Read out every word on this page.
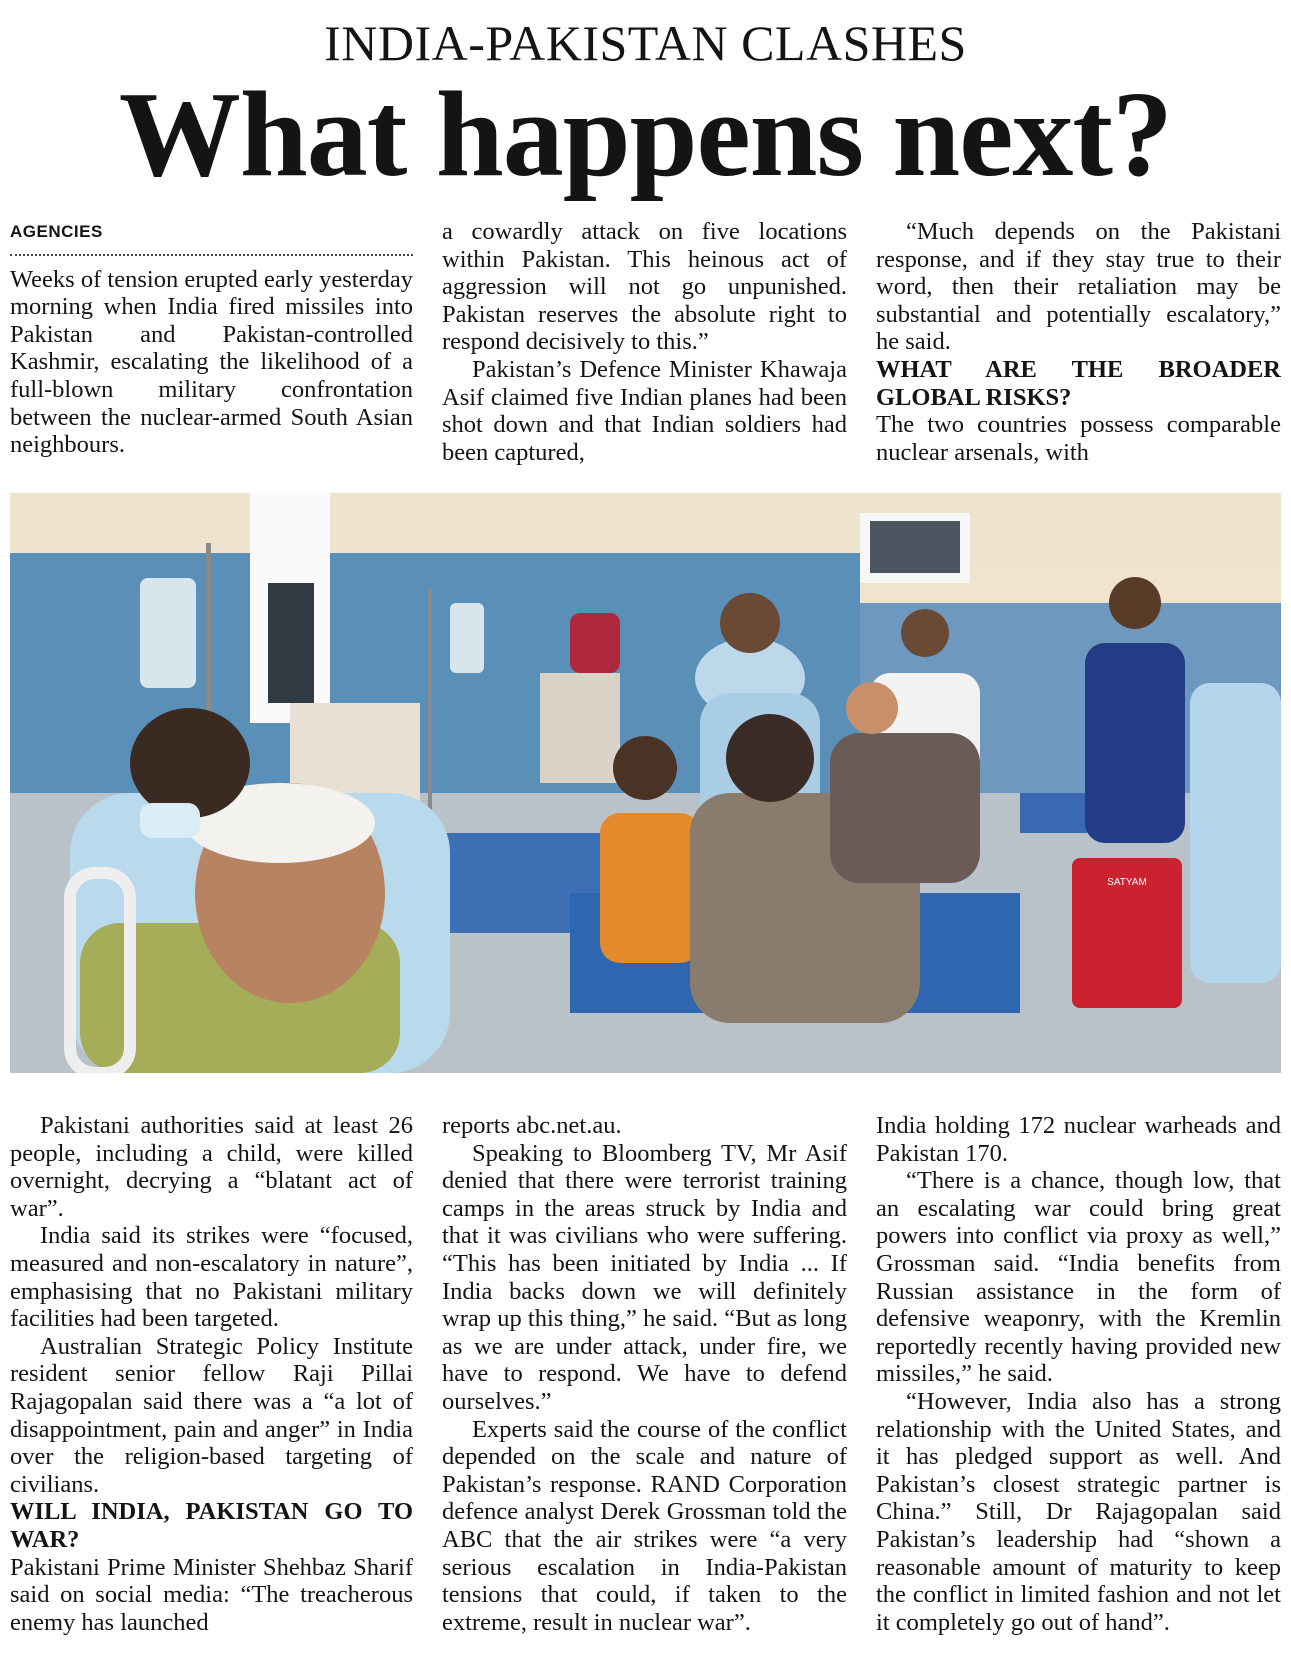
INDIA-PAKISTAN CLASHES
What happens next?
AGENCIES

Weeks of tension erupted early yesterday morning when India fired missiles into Pakistan and Pakistan-controlled Kashmir, escalating the likelihood of a full-blown military confrontation between the nuclear-armed South Asian neighbours.

a cowardly attack on five locations within Pakistan. This heinous act of aggression will not go unpunished. Pakistan reserves the absolute right to respond decisively to this.”

Pakistan’s Defence Minister Khawaja Asif claimed five Indian planes had been shot down and that Indian soldiers had been captured,

“Much depends on the Pakistani response, and if they stay true to their word, then their retaliation may be substantial and potentially escalatory,” he said.

WHAT ARE THE BROADER GLOBAL RISKS?

The two countries possess comparable nuclear arsenals, with

SATYAM

Pakistani authorities said at least 26 people, including a child, were killed overnight, decrying a “blatant act of war”.

India said its strikes were “focused, measured and non-escalatory in nature”, emphasising that no Pakistani military facilities had been targeted.

Australian Strategic Policy Institute resident senior fellow Raji Pillai Rajagopalan said there was a “a lot of disappointment, pain and anger” in India over the religion-based targeting of civilians.

WILL INDIA, PAKISTAN GO TO WAR?

Pakistani Prime Minister Shehbaz Sharif said on social media: “The treacherous enemy has launched

reports abc.net.au.

Speaking to Bloomberg TV, Mr Asif denied that there were terrorist training camps in the areas struck by India and that it was civilians who were suffering. “This has been initiated by India ... If India backs down we will definitely wrap up this thing,” he said. “But as long as we are under attack, under fire, we have to respond. We have to defend ourselves.”

Experts said the course of the conflict depended on the scale and nature of Pakistan’s response. RAND Corporation defence analyst Derek Grossman told the ABC that the air strikes were “a very serious escalation in India-Pakistan tensions that could, if taken to the extreme, result in nuclear war”.

India holding 172 nuclear warheads and Pakistan 170.

“There is a chance, though low, that an escalating war could bring great powers into conflict via proxy as well,” Grossman said. “India benefits from Russian assistance in the form of defensive weaponry, with the Kremlin reportedly recently having provided new missiles,” he said.

“However, India also has a strong relationship with the United States, and it has pledged support as well. And Pakistan’s closest strategic partner is China.” Still, Dr Rajagopalan said Pakistan’s leadership had “shown a reasonable amount of maturity to keep the conflict in limited fashion and not let it completely go out of hand”.
